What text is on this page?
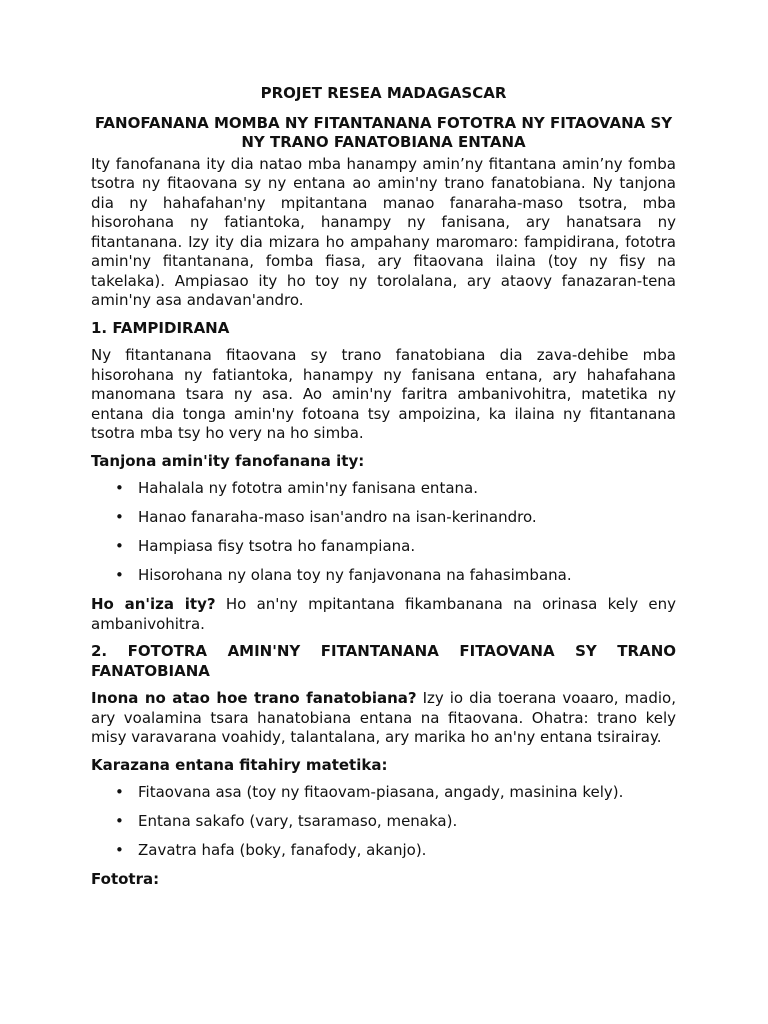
PROJET RESEA MADAGASCAR
FANOFANANA MOMBA NY FITANTANANA FOTOTRA NY FITAOVANA SY NY TRANO FANATOBIANA ENTANA

Ity fanofanana ity dia natao mba hanampy amin’ny fitantana amin’ny fomba tsotra ny fitaovana sy ny entana ao amin'ny trano fanatobiana. Ny tanjona dia ny hahafahan'ny mpitantana manao fanaraha-maso tsotra, mba hisorohana ny fatiantoka, hanampy ny fanisana, ary hanatsara ny fitantanana. Izy ity dia mizara ho ampahany maromaro: fampidirana, fototra amin'ny fitantanana, fomba fiasa, ary fitaovana ilaina (toy ny fisy na takelaka). Ampiasao ity ho toy ny torolalana, ary ataovy fanazaran-tena amin'ny asa andavan'andro.

1. FAMPIDIRANA

Ny fitantanana fitaovana sy trano fanatobiana dia zava-dehibe mba hisorohana ny fatiantoka, hanampy ny fanisana entana, ary hahafahana manomana tsara ny asa. Ao amin'ny faritra ambanivohitra, matetika ny entana dia tonga amin'ny fotoana tsy ampoizina, ka ilaina ny fitantanana tsotra mba tsy ho very na ho simba.

Tanjona amin'ity fanofanana ity:
• Hahalala ny fototra amin'ny fanisana entana.
• Hanao fanaraha-maso isan'andro na isan-kerinandro.
• Hampiasa fisy tsotra ho fanampiana.
• Hisorohana ny olana toy ny fanjavonana na fahasimbana.

Ho an'iza ity? Ho an'ny mpitantana fikambanana na orinasa kely eny ambanivohitra.

2. FOTOTRA AMIN'NY FITANTANANA FITAOVANA SY TRANO FANATOBIANA

Inona no atao hoe trano fanatobiana? Izy io dia toerana voaaro, madio, ary voalamina tsara hanatobiana entana na fitaovana. Ohatra: trano kely misy varavarana voahidy, talantalana, ary marika ho an'ny entana tsirairay.

Karazana entana fitahiry matetika:
• Fitaovana asa (toy ny fitaovam-piasana, angady, masinina kely).
• Entana sakafo (vary, tsaramaso, menaka).
• Zavatra hafa (boky, fanafody, akanjo).
Fototra:
